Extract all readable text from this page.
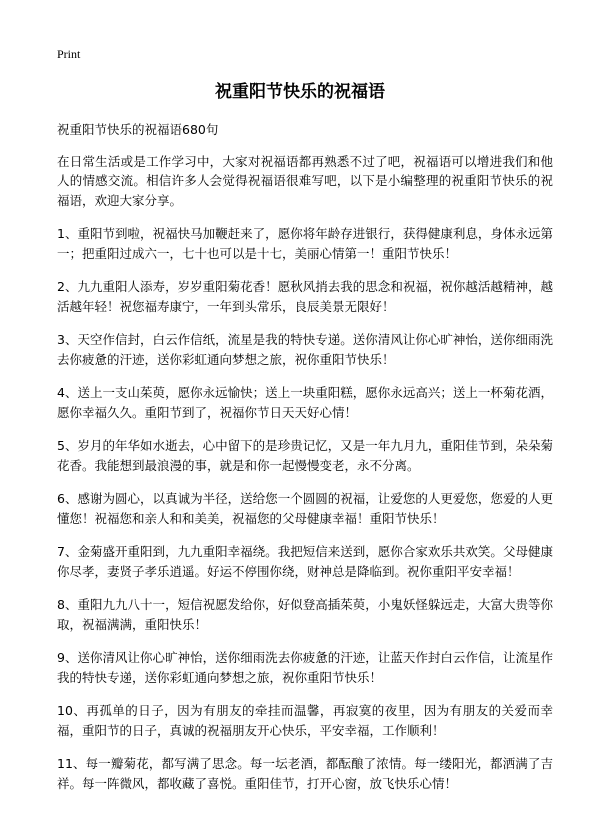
Print
祝重阳节快乐的祝福语

祝重阳节快乐的祝福语680句

在日常生活或是工作学习中，大家对祝福语都再熟悉不过了吧，祝福语可以增进我们和他人的情感交流。相信许多人会觉得祝福语很难写吧，以下是小编整理的祝重阳节快乐的祝福语，欢迎大家分享。

1、重阳节到啦，祝福快马加鞭赶来了，愿你将年龄存进银行，获得健康利息，身体永远第一；把重阳过成六一，七十也可以是十七，美丽心情第一！重阳节快乐！

2、九九重阳人添寿，岁岁重阳菊花香！愿秋风捎去我的思念和祝福，祝你越活越精神，越活越年轻！祝您福寿康宁，一年到头常乐，良辰美景无限好！

3、天空作信封，白云作信纸，流星是我的特快专递。送你清风让你心旷神怡，送你细雨洗去你疲惫的汗迹，送你彩虹通向梦想之旅，祝你重阳节快乐！

4、送上一支山茱萸，愿你永远愉快；送上一块重阳糕，愿你永远高兴；送上一杯菊花酒，愿你幸福久久。重阳节到了，祝福你节日天天好心情！

5、岁月的年华如水逝去，心中留下的是珍贵记忆，又是一年九月九，重阳佳节到，朵朵菊花香。我能想到最浪漫的事，就是和你一起慢慢变老，永不分离。

6、感谢为圆心，以真诚为半径，送给您一个圆圆的祝福，让爱您的人更爱您，您爱的人更懂您！祝福您和亲人和和美美，祝福您的父母健康幸福！重阳节快乐！

7、金菊盛开重阳到，九九重阳幸福绕。我把短信来送到，愿你合家欢乐共欢笑。父母健康你尽孝，妻贤子孝乐逍遥。好运不停围你绕，财神总是降临到。祝你重阳平安幸福！

8、重阳九九八十一，短信祝愿发给你，好似登高插茱萸，小鬼妖怪躲远走，大富大贵等你取，祝福满满，重阳快乐！

9、送你清风让你心旷神怡，送你细雨洗去你疲惫的汗迹，让蓝天作封白云作信，让流星作我的特快专递，送你彩虹通向梦想之旅，祝你重阳节快乐！

10、再孤单的日子，因为有朋友的牵挂而温馨，再寂寞的夜里，因为有朋友的关爱而幸福，重阳节的日子，真诚的祝福朋友开心快乐，平安幸福，工作顺利！

11、每一瓣菊花，都写满了思念。每一坛老酒，都酝酿了浓情。每一缕阳光，都洒满了吉祥。每一阵微风，都收藏了喜悦。重阳佳节，打开心窗，放飞快乐心情！
